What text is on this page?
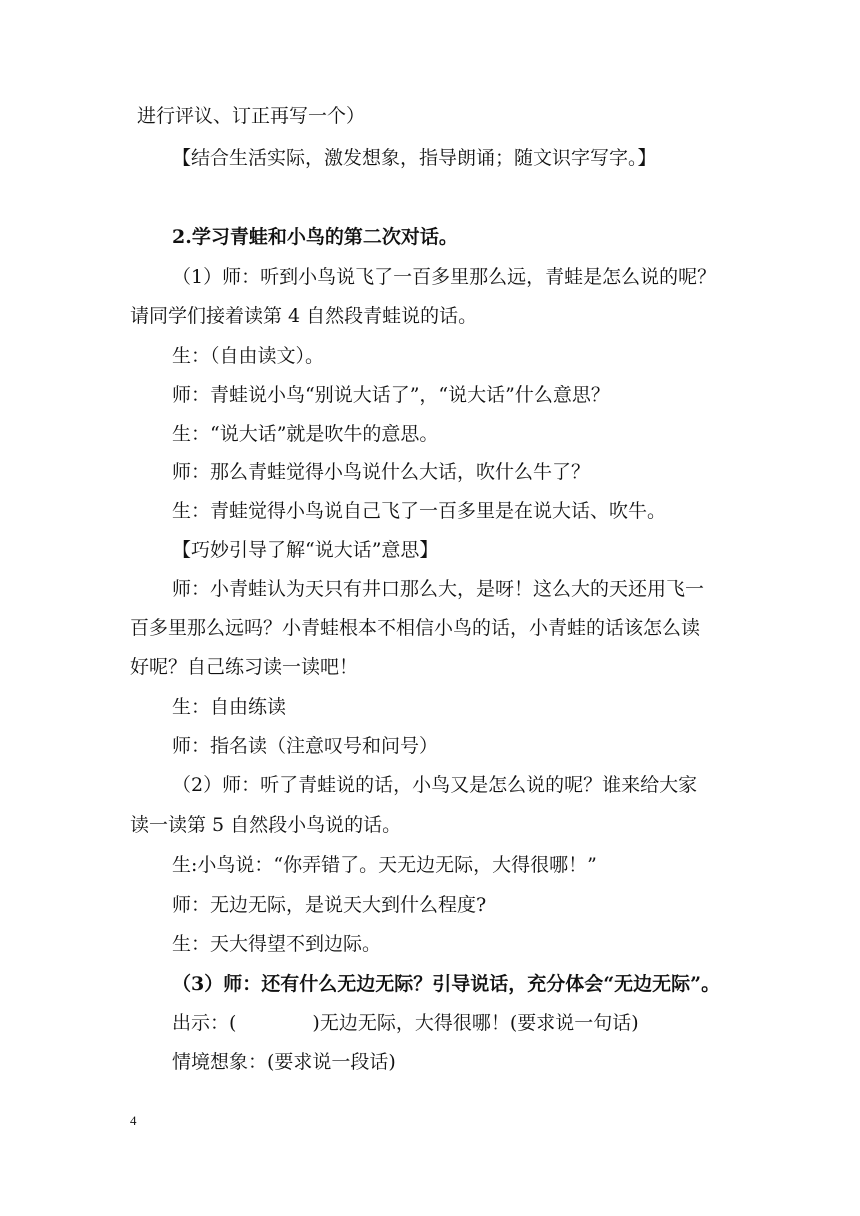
进行评议、订正再写一个）
【结合生活实际，激发想象，指导朗诵；随文识字写字。】
2.学习青蛙和小鸟的第二次对话。
（1）师：听到小鸟说飞了一百多里那么远，青蛙是怎么说的呢？
请同学们接着读第 4 自然段青蛙说的话。
生：（自由读文）。
师：青蛙说小鸟“别说大话了”，“说大话”什么意思？
生：“说大话”就是吹牛的意思。
师：那么青蛙觉得小鸟说什么大话，吹什么牛了？
生：青蛙觉得小鸟说自己飞了一百多里是在说大话、吹牛。
【巧妙引导了解“说大话”意思】
师：小青蛙认为天只有井口那么大，是呀！这么大的天还用飞一
百多里那么远吗？小青蛙根本不相信小鸟的话，小青蛙的话该怎么读
好呢？自己练习读一读吧！
生：自由练读
师：指名读（注意叹号和问号）
（2）师：听了青蛙说的话，小鸟又是怎么说的呢？谁来给大家
读一读第 5 自然段小鸟说的话。
生:小鸟说：“你弄错了。天无边无际，大得很哪！”
师：无边无际，是说天大到什么程度?
生：天大得望不到边际。
（3）师：还有什么无边无际？引导说话，充分体会“无边无际”。
出示：(　　　　)无边无际，大得很哪！(要求说一句话)
情境想象：(要求说一段话)
4
